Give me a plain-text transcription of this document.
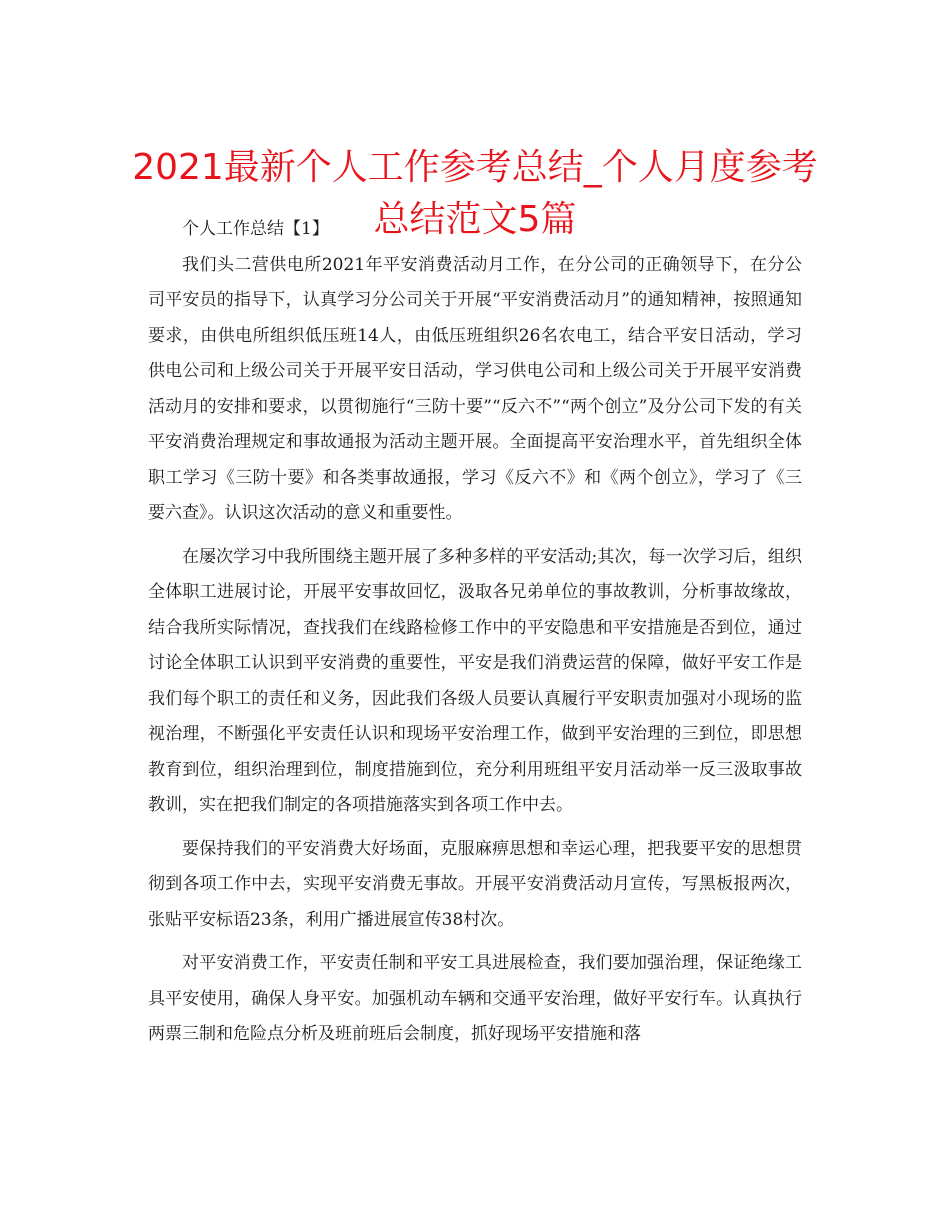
2021最新个人工作参考总结_个人月度参考总结范文5篇

个人工作总结【1】

我们头二营供电所2021年平安消费活动月工作，在分公司的正确领导下，在分公司平安员的指导下，认真学习分公司关于开展“平安消费活动月”的通知精神，按照通知要求，由供电所组织低压班14人，由低压班组织26名农电工，结合平安日活动，学习供电公司和上级公司关于开展平安日活动，学习供电公司和上级公司关于开展平安消费活动月的安排和要求，以贯彻施行“三防十要”“反六不”“两个创立”及分公司下发的有关平安消费治理规定和事故通报为活动主题开展。全面提高平安治理水平，首先组织全体职工学习《三防十要》和各类事故通报，学习《反六不》和《两个创立》，学习了《三要六查》。认识这次活动的意义和重要性。

在屡次学习中我所围绕主题开展了多种多样的平安活动;其次，每一次学习后，组织全体职工进展讨论，开展平安事故回忆，汲取各兄弟单位的事故教训，分析事故缘故，结合我所实际情况，查找我们在线路检修工作中的平安隐患和平安措施是否到位，通过讨论全体职工认识到平安消费的重要性，平安是我们消费运营的保障，做好平安工作是我们每个职工的责任和义务，因此我们各级人员要认真履行平安职责加强对小现场的监视治理，不断强化平安责任认识和现场平安治理工作，做到平安治理的三到位，即思想教育到位，组织治理到位，制度措施到位，充分利用班组平安月活动举一反三汲取事故教训，实在把我们制定的各项措施落实到各项工作中去。

要保持我们的平安消费大好场面，克服麻痹思想和幸运心理，把我要平安的思想贯彻到各项工作中去，实现平安消费无事故。开展平安消费活动月宣传，写黑板报两次，张贴平安标语23条，利用广播进展宣传38村次。

对平安消费工作，平安责任制和平安工具进展检查，我们要加强治理，保证绝缘工具平安使用，确保人身平安。加强机动车辆和交通平安治理，做好平安行车。认真执行两票三制和危险点分析及班前班后会制度，抓好现场平安措施和落
